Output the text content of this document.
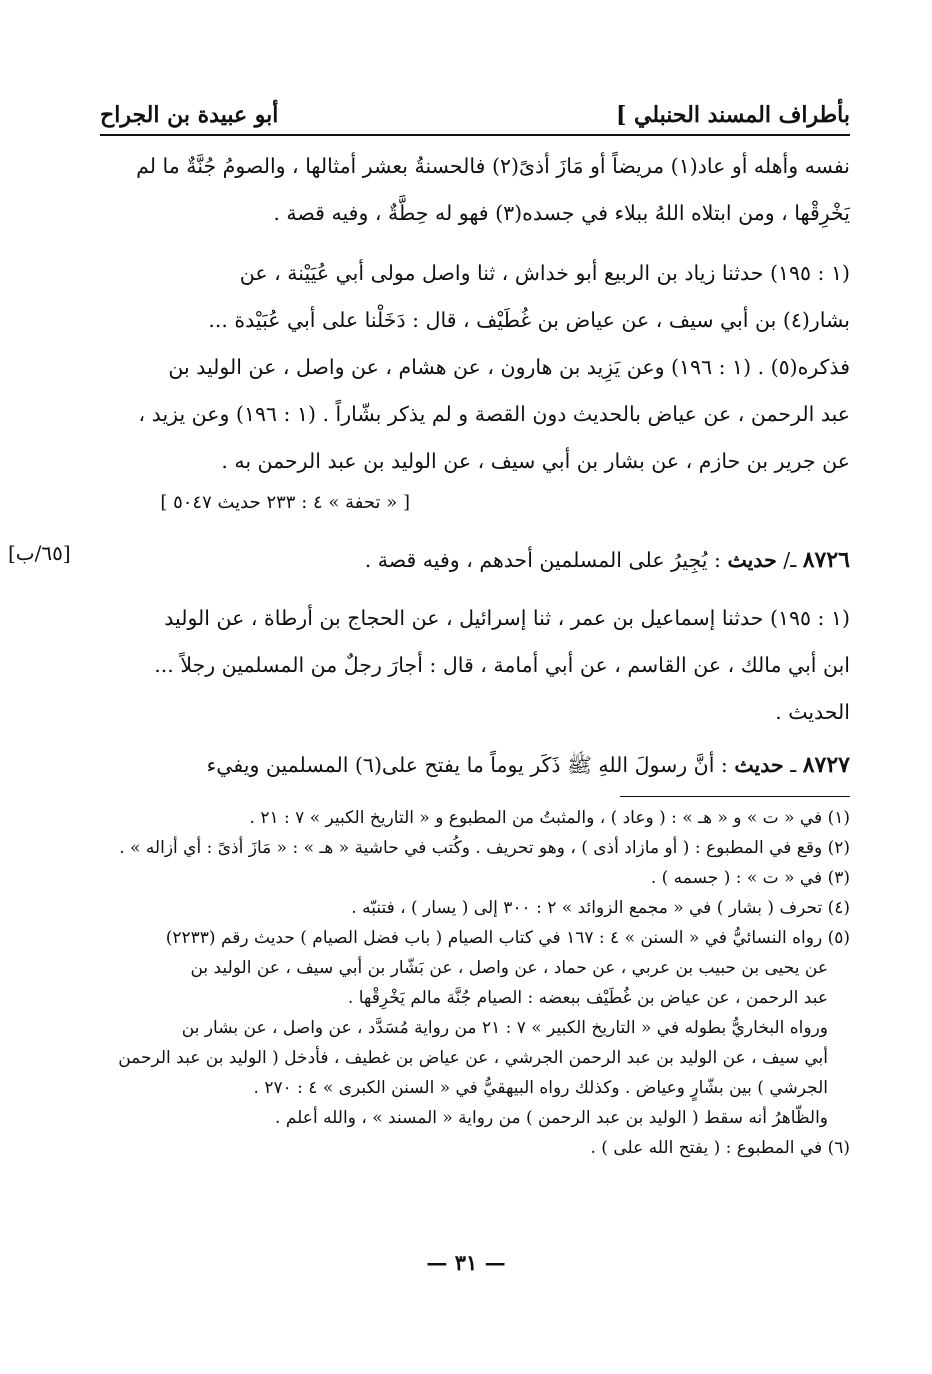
بأطراف المسند الحنبلي ]
أبو عبيدة بن الجراح
[٦٥/ب]

نفسه وأهله أو عاد(١) مريضاً أو مَازَ أذىً(٢) فالحسنةُ بعشر أمثالها ، والصومُ جُنَّةٌ ما لم

يَخْرِقْها ، ومن ابتلاه اللهُ ببلاء في جسده(٣) فهو له حِطَّةٌ ، وفيه قصة .

(١ : ١٩٥) حدثنا زياد بن الربيع أبو خداش ، ثنا واصل مولى أبي عُيَيْنة ، عن

بشار(٤) بن أبي سيف ، عن عياض بن غُطَيْف ، قال : دَخَلْنا على أبي عُبَيْدة ...

فذكره(٥) . (١ : ١٩٦) وعن يَزِيد بن هارون ، عن هشام ، عن واصل ، عن الوليد بن

عبد الرحمن ، عن عياض بالحديث دون القصة و لم يذكر بشّاراً . (١ : ١٩٦) وعن يزيد ،

عن جرير بن حازم ، عن بشار بن أبي سيف ، عن الوليد بن عبد الرحمن به .

[ « تحفة » ٤ : ٢٣٣ حديث ٥٠٤٧ ]

٨٧٢٦ ـ/ حديث : يُجِيرُ على المسلمين أحدهم ، وفيه قصة .

(١ : ١٩٥) حدثنا إسماعيل بن عمر ، ثنا إسرائيل ، عن الحجاج بن أرطاة ، عن الوليد

ابن أبي مالك ، عن القاسم ، عن أبي أمامة ، قال : أجارَ رجلٌ من المسلمين رجلاً ...

الحديث .

٨٧٢٧ ـ حديث : أنَّ رسولَ اللهِ ﷺ ذَكَر يوماً ما يفتح على(٦) المسلمين ويفيء

(١) في « ت » و « هـ » : ( وعاد ) ، والمثبتُ من المطبوع و « التاريخ الكبير » ٧ : ٢١ .

(٢) وقع في المطبوع : ( أو مازاد أذى ) ، وهو تحريف . وكُتب في حاشية « هـ » : « مَازَ أذىً : أي أزاله » .

(٣) في « ت » : ( جسمه ) .

(٤) تحرف ( بشار ) في « مجمع الزوائد » ٢ : ٣٠٠ إلى ( يسار ) ، فتنبّه .

(٥) رواه النسائيُّ في « السنن » ٤ : ١٦٧ في كتاب الصيام ( باب فضل الصيام ) حديث رقم (٢٢٣٣)

عن يحيى بن حبيب بن عربي ، عن حماد ، عن واصل ، عن بَشّار بن أبي سيف ، عن الوليد بن

عبد الرحمن ، عن عياض بن غُطَيْف ببعضه : الصيام جُنَّة مالم يَخْرِقْها .

ورواه البخاريُّ بطوله في « التاريخ الكبير » ٧ : ٢١ من رواية مُسَدَّد ، عن واصل ، عن بشار بن

أبي سيف ، عن الوليد بن عبد الرحمن الجرشي ، عن عياض بن غطيف ، فأدخل ( الوليد بن عبد الرحمن

الجرشي ) بين بشّارٍ وعياض . وكذلك رواه البيهقيُّ في « السنن الكبرى » ٤ : ٢٧٠ .

والظّاهرُ أنه سقط ( الوليد بن عبد الرحمن ) من رواية « المسند » ، والله أعلم .

(٦) في المطبوع : ( يفتح الله على ) .

— ٣١ —
